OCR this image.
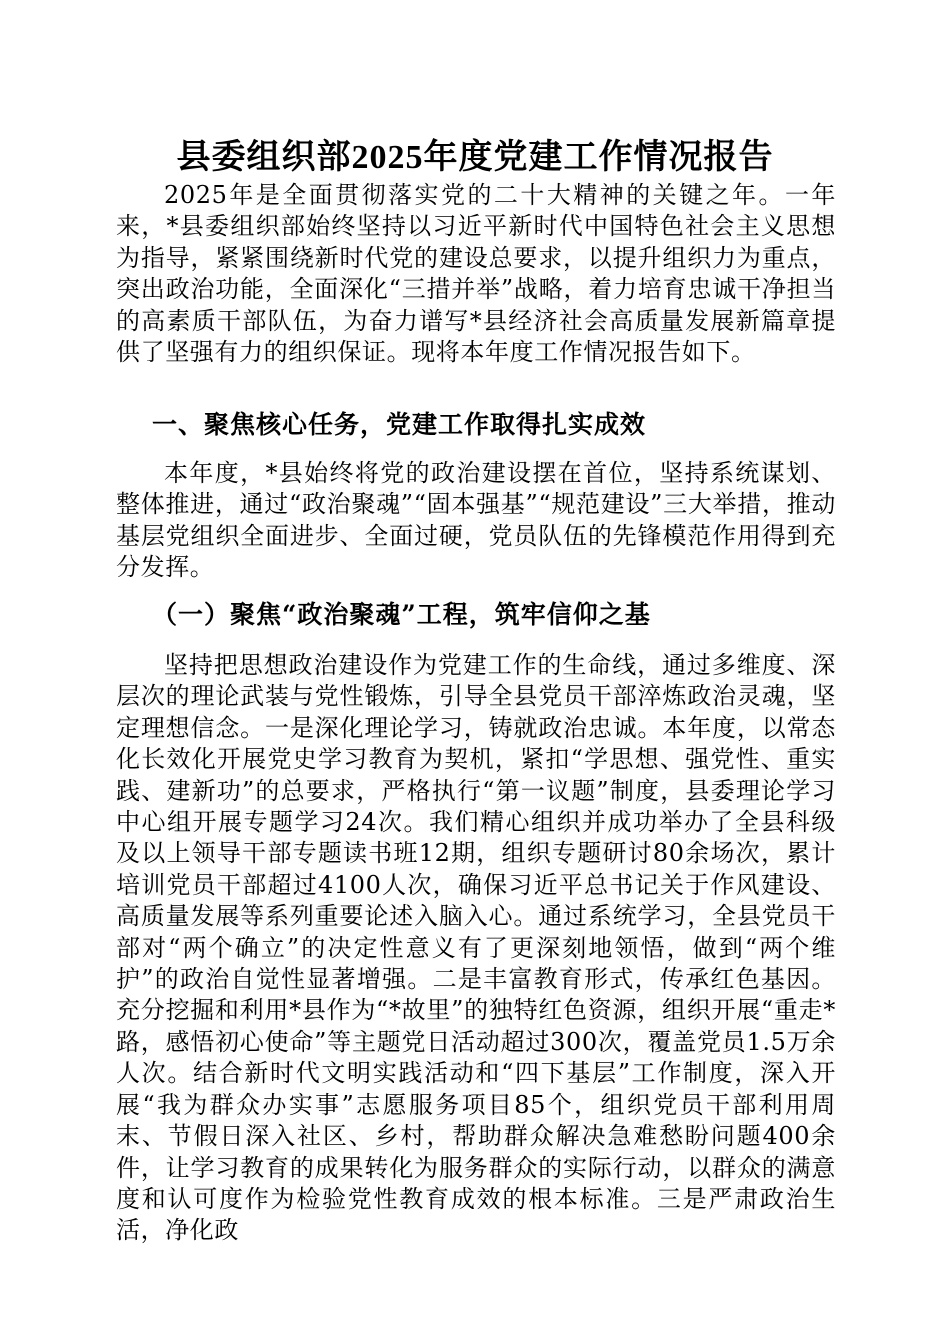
县委组织部2025年度党建工作情况报告

2025年是全面贯彻落实党的二十大精神的关键之年。一年来，*县委组织部始终坚持以习近平新时代中国特色社会主义思想为指导，紧紧围绕新时代党的建设总要求，以提升组织力为重点，突出政治功能，全面深化“三措并举”战略，着力培育忠诚干净担当的高素质干部队伍，为奋力谱写*县经济社会高质量发展新篇章提供了坚强有力的组织保证。现将本年度工作情况报告如下。

一、聚焦核心任务，党建工作取得扎实成效

本年度，*县始终将党的政治建设摆在首位，坚持系统谋划、整体推进，通过“政治聚魂”“固本强基”“规范建设”三大举措，推动基层党组织全面进步、全面过硬，党员队伍的先锋模范作用得到充分发挥。

（一）聚焦“政治聚魂”工程，筑牢信仰之基

坚持把思想政治建设作为党建工作的生命线，通过多维度、深层次的理论武装与党性锻炼，引导全县党员干部淬炼政治灵魂，坚定理想信念。一是深化理论学习，铸就政治忠诚。本年度，以常态化长效化开展党史学习教育为契机，紧扣“学思想、强党性、重实践、建新功”的总要求，严格执行“第一议题”制度，县委理论学习中心组开展专题学习24次。我们精心组织并成功举办了全县科级及以上领导干部专题读书班12期，组织专题研讨80余场次，累计培训党员干部超过4100人次，确保习近平总书记关于作风建设、高质量发展等系列重要论述入脑入心。通过系统学习，全县党员干部对“两个确立”的决定性意义有了更深刻地领悟，做到“两个维护”的政治自觉性显著增强。二是丰富教育形式，传承红色基因。充分挖掘和利用*县作为“*故里”的独特红色资源，组织开展“重走*路，感悟初心使命”等主题党日活动超过300次，覆盖党员1.5万余人次。结合新时代文明实践活动和“四下基层”工作制度，深入开展“我为群众办实事”志愿服务项目85个，组织党员干部利用周末、节假日深入社区、乡村，帮助群众解决急难愁盼问题400余件，让学习教育的成果转化为服务群众的实际行动，以群众的满意度和认可度作为检验党性教育成效的根本标准。三是严肃政治生活，净化政
